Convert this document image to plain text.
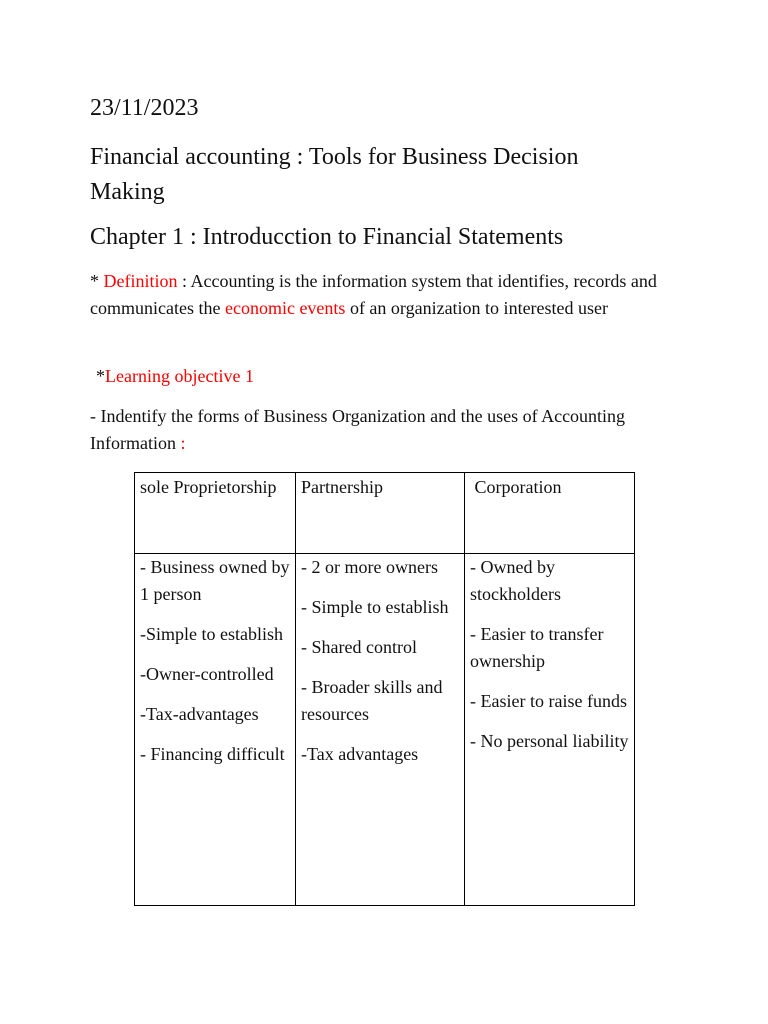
23/11/2023
Financial accounting : Tools for Business Decision Making
Chapter 1 : Introducction to Financial Statements
* Definition : Accounting is the information system that identifies, records and communicates the economic events of an organization to interested user
*Learning objective 1
- Indentify the forms of Business Organization and the uses of Accounting Information :
sole Proprietorship	Partnership	Corporation

- Business owned by 1 person
-Simple to establish
-Owner-controlled
-Tax-advantages
- Financing difficult	- 2 or more owners
- Simple to establish
- Shared control
- Broader skills and resources
-Tax advantages	- Owned by stockholders
- Easier to transfer ownership
- Easier to raise funds
- No personal liability
